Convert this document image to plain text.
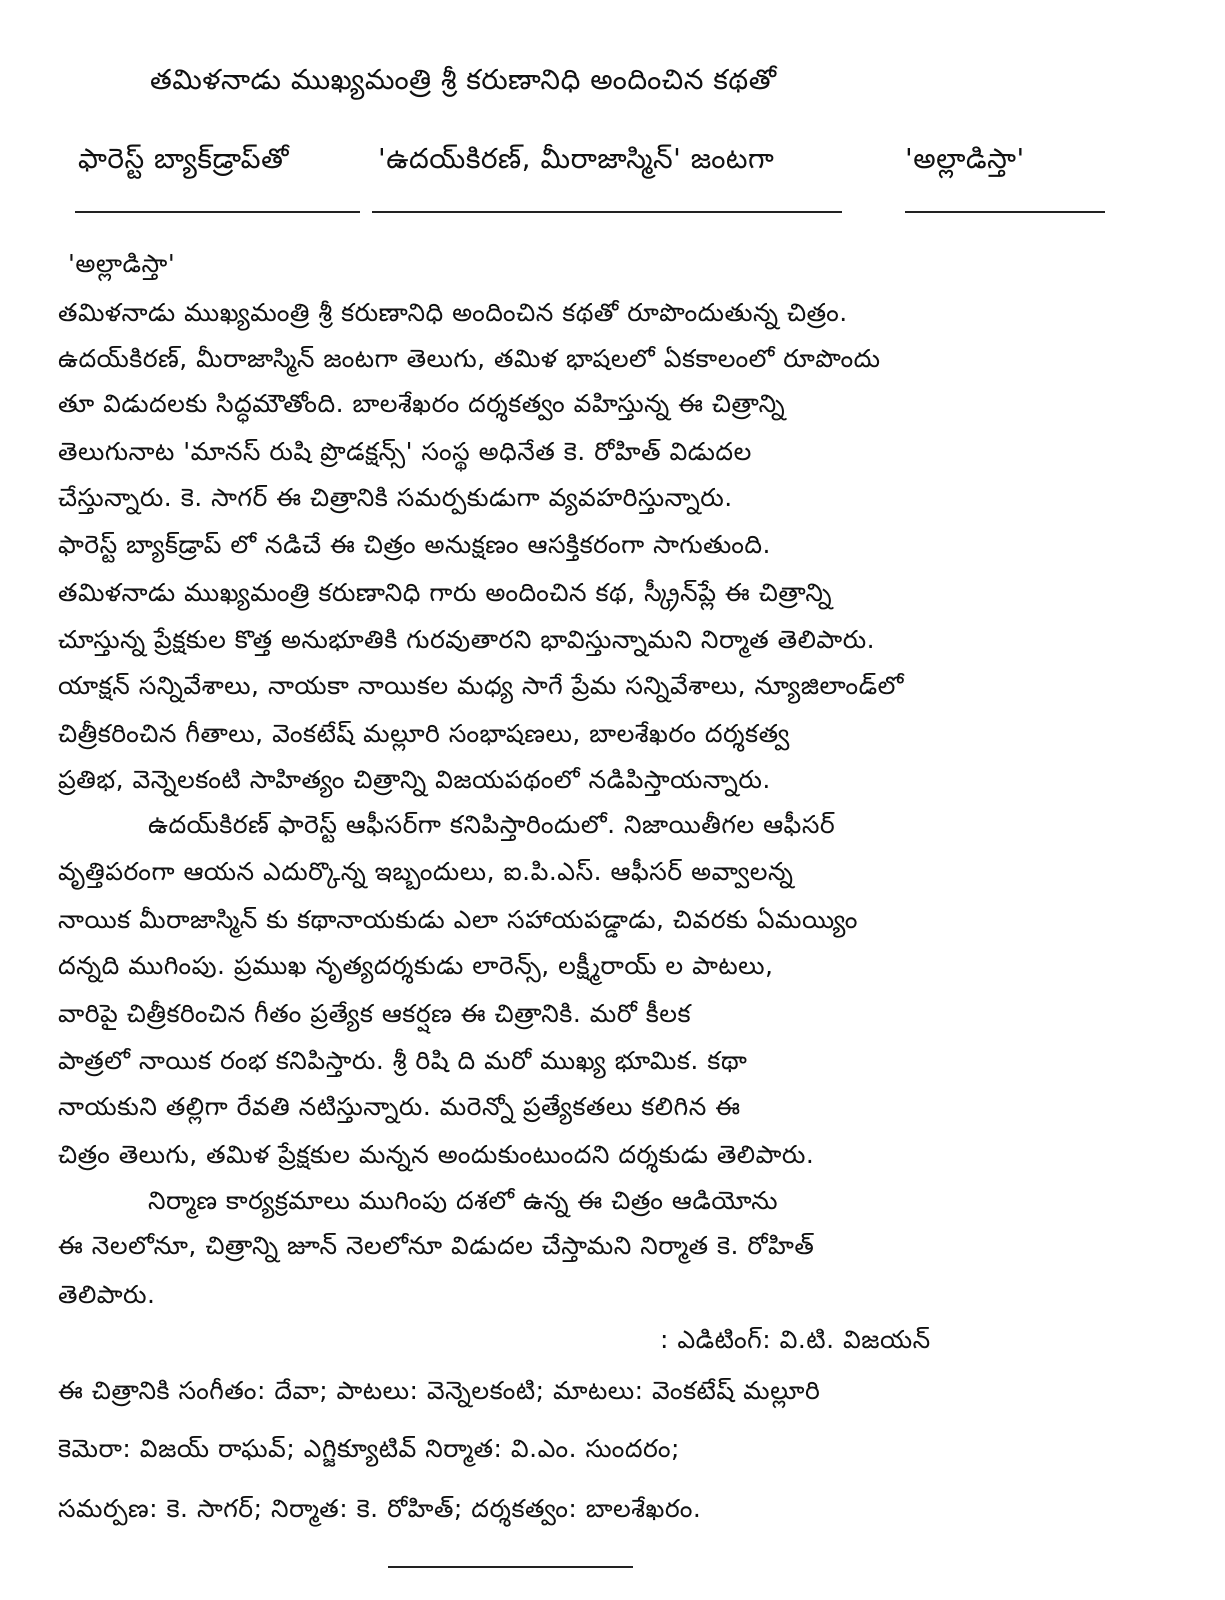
తమిళనాడు ముఖ్యమంత్రి శ్రీ కరుణానిధి అందించిన కథతో
ఫారెస్ట్ బ్యాక్‌డ్రాప్‌తో	'ఉదయ్‌కిరణ్, మీరాజాస్మిన్' జంటగా	'అల్లాడిస్తా'
'అల్లాడిస్తా'
తమిళనాడు ముఖ్యమంత్రి శ్రీ కరుణానిధి అందించిన కథతో రూపొందుతున్న చిత్రం.
ఉదయ్‌కిరణ్, మీరాజాస్మిన్ జంటగా తెలుగు, తమిళ భాషలలో ఏకకాలంలో రూపొందు
తూ విడుదలకు సిద్ధమౌతోంది. బాలశేఖరం దర్శకత్వం వహిస్తున్న ఈ చిత్రాన్ని
తెలుగునాట 'మానస్ రుషి ప్రొడక్షన్స్' సంస్థ అధినేత కె. రోహిత్ విడుదల
చేస్తున్నారు. కె. సాగర్ ఈ చిత్రానికి సమర్పకుడుగా వ్యవహరిస్తున్నారు.
ఫారెస్ట్ బ్యాక్‌డ్రాప్ లో నడిచే ఈ చిత్రం అనుక్షణం ఆసక్తికరంగా సాగుతుంది.
తమిళనాడు ముఖ్యమంత్రి కరుణానిధి గారు అందించిన కథ, స్క్రీన్‌ప్లే ఈ చిత్రాన్ని
చూస్తున్న ప్రేక్షకుల కొత్త అనుభూతికి గురవుతారని భావిస్తున్నామని నిర్మాత తెలిపారు.
యాక్షన్ సన్నివేశాలు, నాయకా నాయికల మధ్య సాగే ప్రేమ సన్నివేశాలు, న్యూజిలాండ్‌లో
చిత్రీకరించిన గీతాలు, వెంకటేష్ మల్లూరి సంభాషణలు, బాలశేఖరం దర్శకత్వ
ప్రతిభ, వెన్నెలకంటి సాహిత్యం చిత్రాన్ని విజయపథంలో నడిపిస్తాయన్నారు.
ఉదయ్‌కిరణ్ ఫారెస్ట్ ఆఫీసర్‌గా కనిపిస్తారిందులో. నిజాయితీగల ఆఫీసర్
వృత్తిపరంగా ఆయన ఎదుర్కొన్న ఇబ్బందులు, ఐ.పి.ఎస్. ఆఫీసర్ అవ్వాలన్న
నాయిక మీరాజాస్మిన్ కు కథానాయకుడు ఎలా సహాయపడ్డాడు, చివరకు ఏమయ్యిం
దన్నది ముగింపు. ప్రముఖ నృత్యదర్శకుడు లారెన్స్, లక్ష్మీరాయ్ ల పాటలు,
వారిపై చిత్రీకరించిన గీతం ప్రత్యేక ఆకర్షణ ఈ చిత్రానికి. మరో కీలక
పాత్రలో నాయిక రంభ కనిపిస్తారు. శ్రీ రిషి ది మరో ముఖ్య భూమిక. కథా
నాయకుని తల్లిగా రేవతి నటిస్తున్నారు. మరెన్నో ప్రత్యేకతలు కలిగిన ఈ
చిత్రం తెలుగు, తమిళ ప్రేక్షకుల మన్నన అందుకుంటుందని దర్శకుడు తెలిపారు.
నిర్మాణ కార్యక్రమాలు ముగింపు దశలో ఉన్న ఈ చిత్రం ఆడియోను
ఈ నెలలోనూ, చిత్రాన్ని జూన్ నెలలోనూ విడుదల చేస్తామని నిర్మాత కె. రోహిత్
తెలిపారు.
: ఎడిటింగ్: వి.టి. విజయన్
ఈ చిత్రానికి సంగీతం: దేవా; పాటలు: వెన్నెలకంటి; మాటలు: వెంకటేష్ మల్లూరి
కెమెరా: విజయ్ రాఘవ్; ఎగ్జిక్యూటివ్ నిర్మాత: వి.ఎం. సుందరం;
సమర్పణ: కె. సాగర్; నిర్మాత: కె. రోహిత్; దర్శకత్వం: బాలశేఖరం.
